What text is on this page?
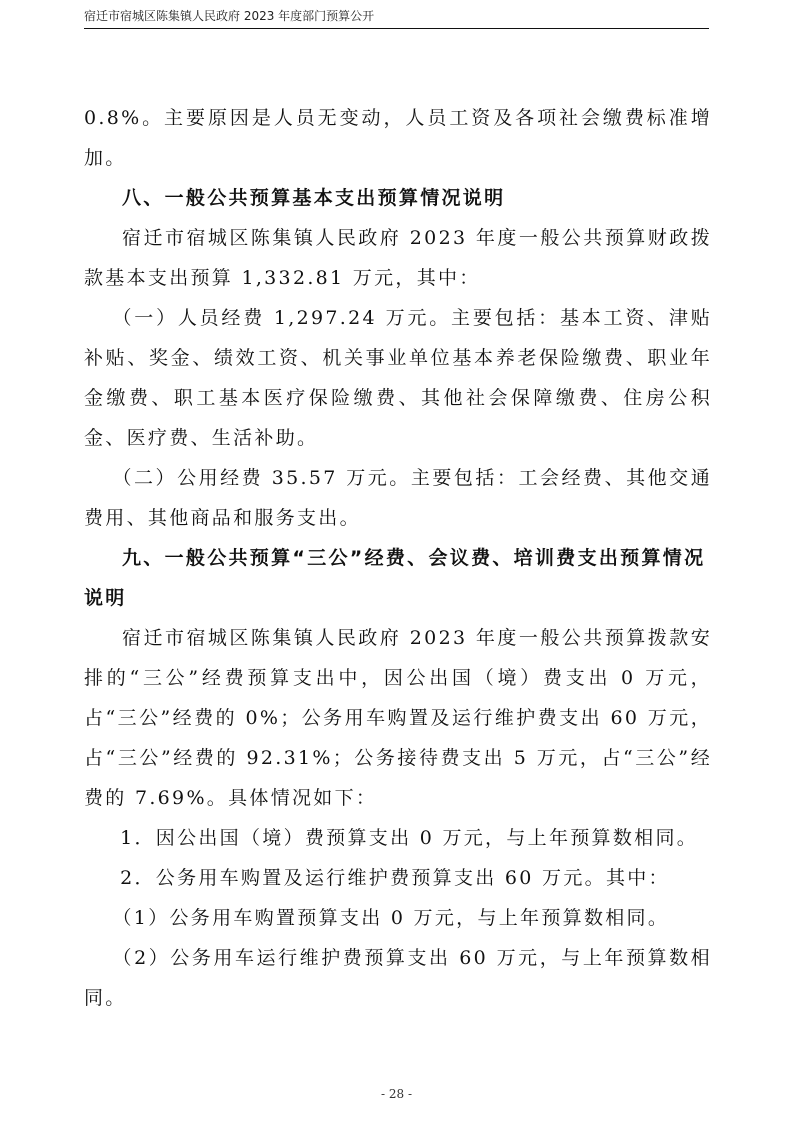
宿迁市宿城区陈集镇人民政府 2023 年度部门预算公开

0.8%。主要原因是人员无变动，人员工资及各项社会缴费标准增加。

八、一般公共预算基本支出预算情况说明

宿迁市宿城区陈集镇人民政府 2023 年度一般公共预算财政拨款基本支出预算 1,332.81 万元，其中：

（一）人员经费 1,297.24 万元。主要包括：基本工资、津贴补贴、奖金、绩效工资、机关事业单位基本养老保险缴费、职业年金缴费、职工基本医疗保险缴费、其他社会保障缴费、住房公积金、医疗费、生活补助。

（二）公用经费 35.57 万元。主要包括：工会经费、其他交通费用、其他商品和服务支出。

九、一般公共预算“三公”经费、会议费、培训费支出预算情况说明

宿迁市宿城区陈集镇人民政府 2023 年度一般公共预算拨款安排的“三公”经费预算支出中，因公出国（境）费支出 0 万元，占“三公”经费的 0%；公务用车购置及运行维护费支出 60 万元，占“三公”经费的 92.31%；公务接待费支出 5 万元，占“三公”经费的 7.69%。具体情况如下：

1．因公出国（境）费预算支出 0 万元，与上年预算数相同。

2．公务用车购置及运行维护费预算支出 60 万元。其中：

（1）公务用车购置预算支出 0 万元，与上年预算数相同。

（2）公务用车运行维护费预算支出 60 万元，与上年预算数相同。

- 28 -
